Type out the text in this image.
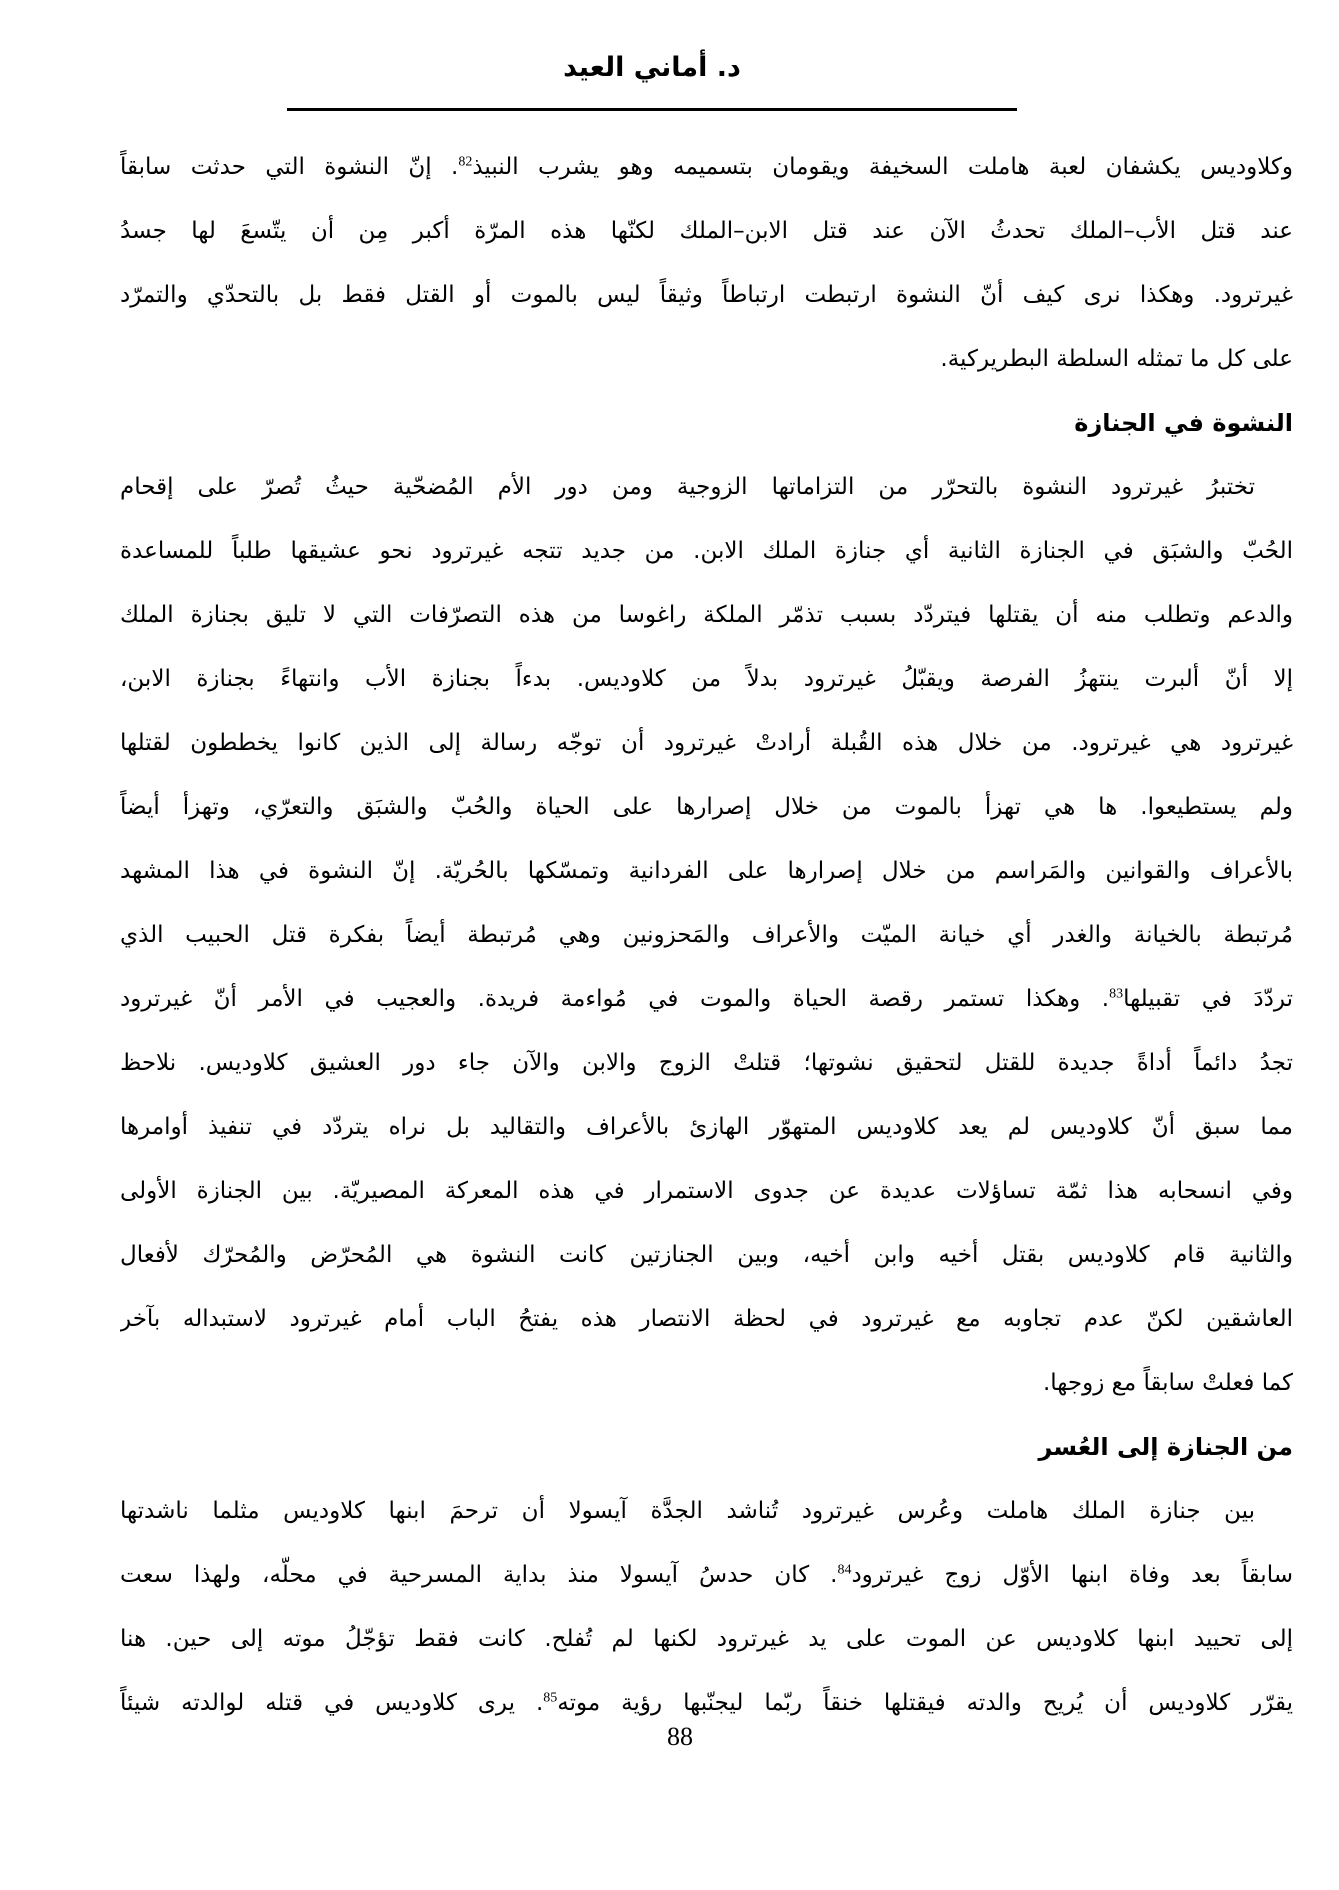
د. أماني العيد
وكلاوديس يكشفان لعبة هاملت السخيفة ويقومان بتسميمه وهو يشرب النبيذ$^{82}$. إنّ النشوة التي حدثت سابقاً
عند قتل الأب–الملك تحدثُ الآن عند قتل الابن–الملك لكنّها هذه المرّة أكبر مِن أن يتّسعَ لها جسدُ
غيرترود. وهكذا نرى كيف أنّ النشوة ارتبطت ارتباطاً وثيقاً ليس بالموت أو القتل فقط بل بالتحدّي والتمرّد
على كل ما تمثله السلطة البطريركية.
النشوة في الجنازة
تختبرُ غيرترود النشوة بالتحرّر من التزاماتها الزوجية ومن دور الأم المُضحّية حيثُ تُصرّ على إقحام
الحُبّ والشبَق في الجنازة الثانية أي جنازة الملك الابن. من جديد تتجه غيرترود نحو عشيقها طلباً للمساعدة
والدعم وتطلب منه أن يقتلها فيتردّد بسبب تذمّر الملكة راغوسا من هذه التصرّفات التي لا تليق بجنازة الملك
إلا أنّ ألبرت ينتهزُ الفرصة ويقبّلُ غيرترود بدلاً من كلاوديس. بدءاً بجنازة الأب وانتهاءً بجنازة الابن،
غيرترود هي غيرترود. من خلال هذه القُبلة أرادتْ غيرترود أن توجّه رسالة إلى الذين كانوا يخططون لقتلها
ولم يستطيعوا. ها هي تهزأ بالموت من خلال إصرارها على الحياة والحُبّ والشبَق والتعرّي، وتهزأ أيضاً
بالأعراف والقوانين والمَراسم من خلال إصرارها على الفردانية وتمسّكها بالحُريّة. إنّ النشوة في هذا المشهد
مُرتبطة بالخيانة والغدر أي خيانة الميّت والأعراف والمَحزونين وهي مُرتبطة أيضاً بفكرة قتل الحبيب الذي
تردّدَ في تقبيلها$^{83}$. وهكذا تستمر رقصة الحياة والموت في مُواءمة فريدة. والعجيب في الأمر أنّ غيرترود
تجدُ دائماً أداةً جديدة للقتل لتحقيق نشوتها؛ قتلتْ الزوج والابن والآن جاء دور العشيق كلاوديس. نلاحظ
مما سبق أنّ كلاوديس لم يعد كلاوديس المتهوّر الهازئ بالأعراف والتقاليد بل نراه يتردّد في تنفيذ أوامرها
وفي انسحابه هذا ثمّة تساؤلات عديدة عن جدوى الاستمرار في هذه المعركة المصيريّة. بين الجنازة الأولى
والثانية قام كلاوديس بقتل أخيه وابن أخيه، وبين الجنازتين كانت النشوة هي المُحرّض والمُحرّك لأفعال
العاشقين لكنّ عدم تجاوبه مع غيرترود في لحظة الانتصار هذه يفتحُ الباب أمام غيرترود لاستبداله بآخر
كما فعلتْ سابقاً مع زوجها.
من الجنازة إلى العُسر
بين جنازة الملك هاملت وعُرس غيرترود تُناشد الجدَّة آيسولا أن ترحمَ ابنها كلاوديس مثلما ناشدتها
سابقاً بعد وفاة ابنها الأوّل زوج غيرترود$^{84}$. كان حدسُ آيسولا منذ بداية المسرحية في محلّه، ولهذا سعت
إلى تحييد ابنها كلاوديس عن الموت على يد غيرترود لكنها لم تُفلح. كانت فقط تؤجّلُ موته إلى حين. هنا
يقرّر كلاوديس أن يُريح والدته فيقتلها خنقاً ربّما ليجنّبها رؤية موته$^{85}$. يرى كلاوديس في قتله لوالدته شيئاً
88
